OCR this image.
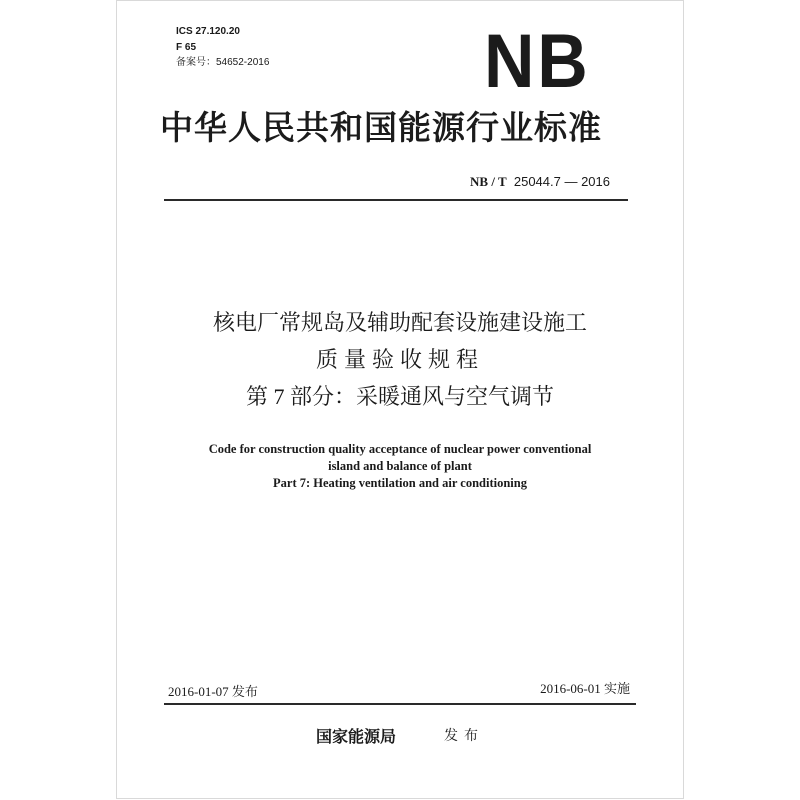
ICS 27.120.20
F 65
备案号：54652-2016	NB
中华人民共和国能源行业标准
NB / T 25044.7 — 2016
核电厂常规岛及辅助配套设施建设施工
质量验收规程
第 7 部分：采暖通风与空气调节
Code for construction quality acceptance of nuclear power conventional
island and balance of plant
Part 7: Heating ventilation and air conditioning
2016-01-07 发布	2016-06-01 实施
国家能源局	发布
